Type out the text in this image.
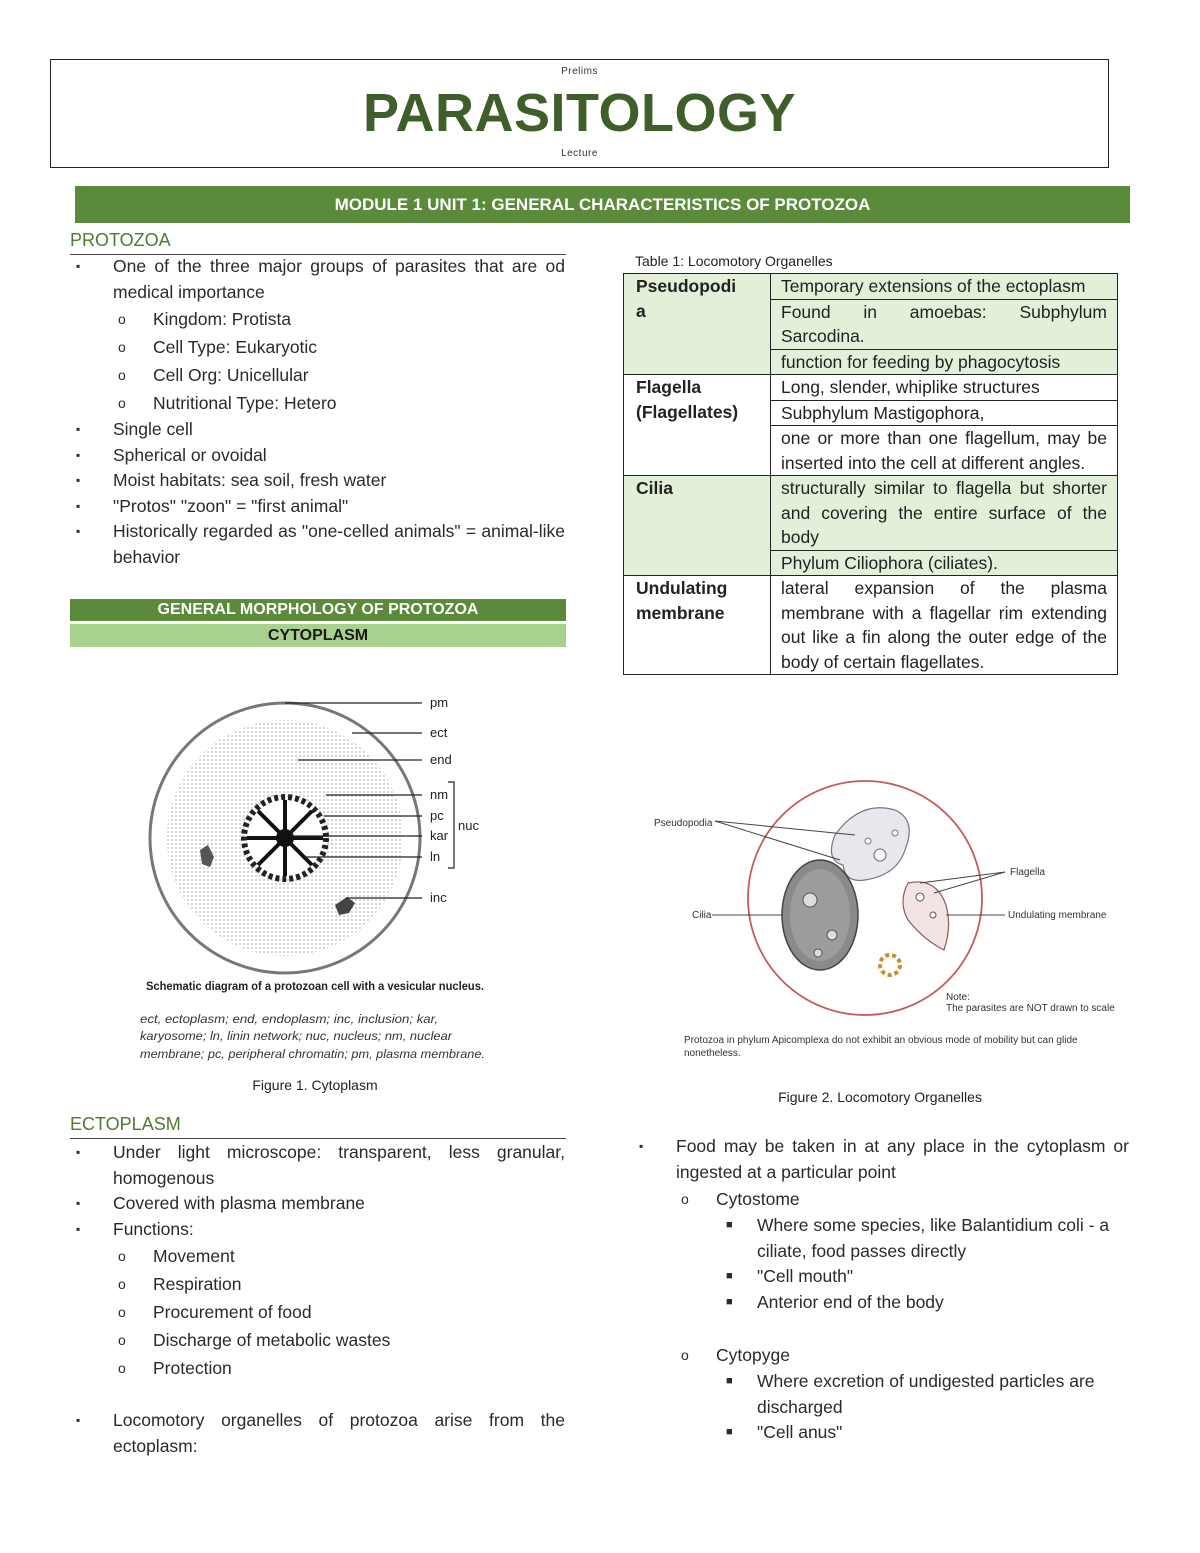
Prelims
PARASITOLOGY
Lecture
MODULE 1 UNIT 1: GENERAL CHARACTERISTICS OF PROTOZOA
PROTOZOA
▪ One of the three major groups of parasites that are od medical importance
o Kingdom: Protista
o Cell Type: Eukaryotic
o Cell Org: Unicellular
o Nutritional Type: Hetero
▪ Single cell
▪ Spherical or ovoidal
▪ Moist habitats: sea soil, fresh water
▪ "Protos" "zoon" = "first animal"
▪ Historically regarded as "one-celled animals" = animal-like behavior
GENERAL MORPHOLOGY OF PROTOZOA
CYTOPLASM
pm
ect
end
nm
pc
kar
ln
nuc
inc
Schematic diagram of a protozoan cell with a vesicular nucleus.
ect, ectoplasm; end, endoplasm; inc, inclusion; kar,
karyosome; ln, linin network; nuc, nucleus; nm, nuclear
membrane; pc, peripheral chromatin; pm, plasma membrane.
Figure 1. Cytoplasm
ECTOPLASM
▪ Under light microscope: transparent, less granular, homogenous
▪ Covered with plasma membrane
▪ Functions:
o Movement
o Respiration
o Procurement of food
o Discharge of metabolic wastes
o Protection
▪ Locomotory organelles of protozoa arise from the ectoplasm:
Table 1: Locomotory Organelles
Pseudopodi
a	Temporary extensions of the ectoplasm
	Found in amoebas: Subphylum Sarcodina.
	function for feeding by phagocytosis
Flagella (Flagellates)	Long, slender, whiplike structures
	Subphylum Mastigophora,
	one or more than one flagellum, may be inserted into the cell at different angles.
Cilia	structurally similar to flagella but shorter and covering the entire surface of the body
	Phylum Ciliophora (ciliates).
Undulating membrane	lateral expansion of the plasma membrane with a flagellar rim extending out like a fin along the outer edge of the body of certain flagellates.
Pseudopodia
Cilia
Flagella
Undulating membrane
Note:
The parasites are NOT drawn to scale
Protozoa in phylum Apicomplexa do not exhibit an obvious mode of mobility but can glide nonetheless.
Figure 2. Locomotory Organelles
▪ Food may be taken in at any place in the cytoplasm or ingested at a particular point
o Cytostome
■ Where some species, like Balantidium coli - a ciliate, food passes directly
■ "Cell mouth"
■ Anterior end of the body
o Cytopyge
■ Where excretion of undigested particles are discharged
■ "Cell anus"
